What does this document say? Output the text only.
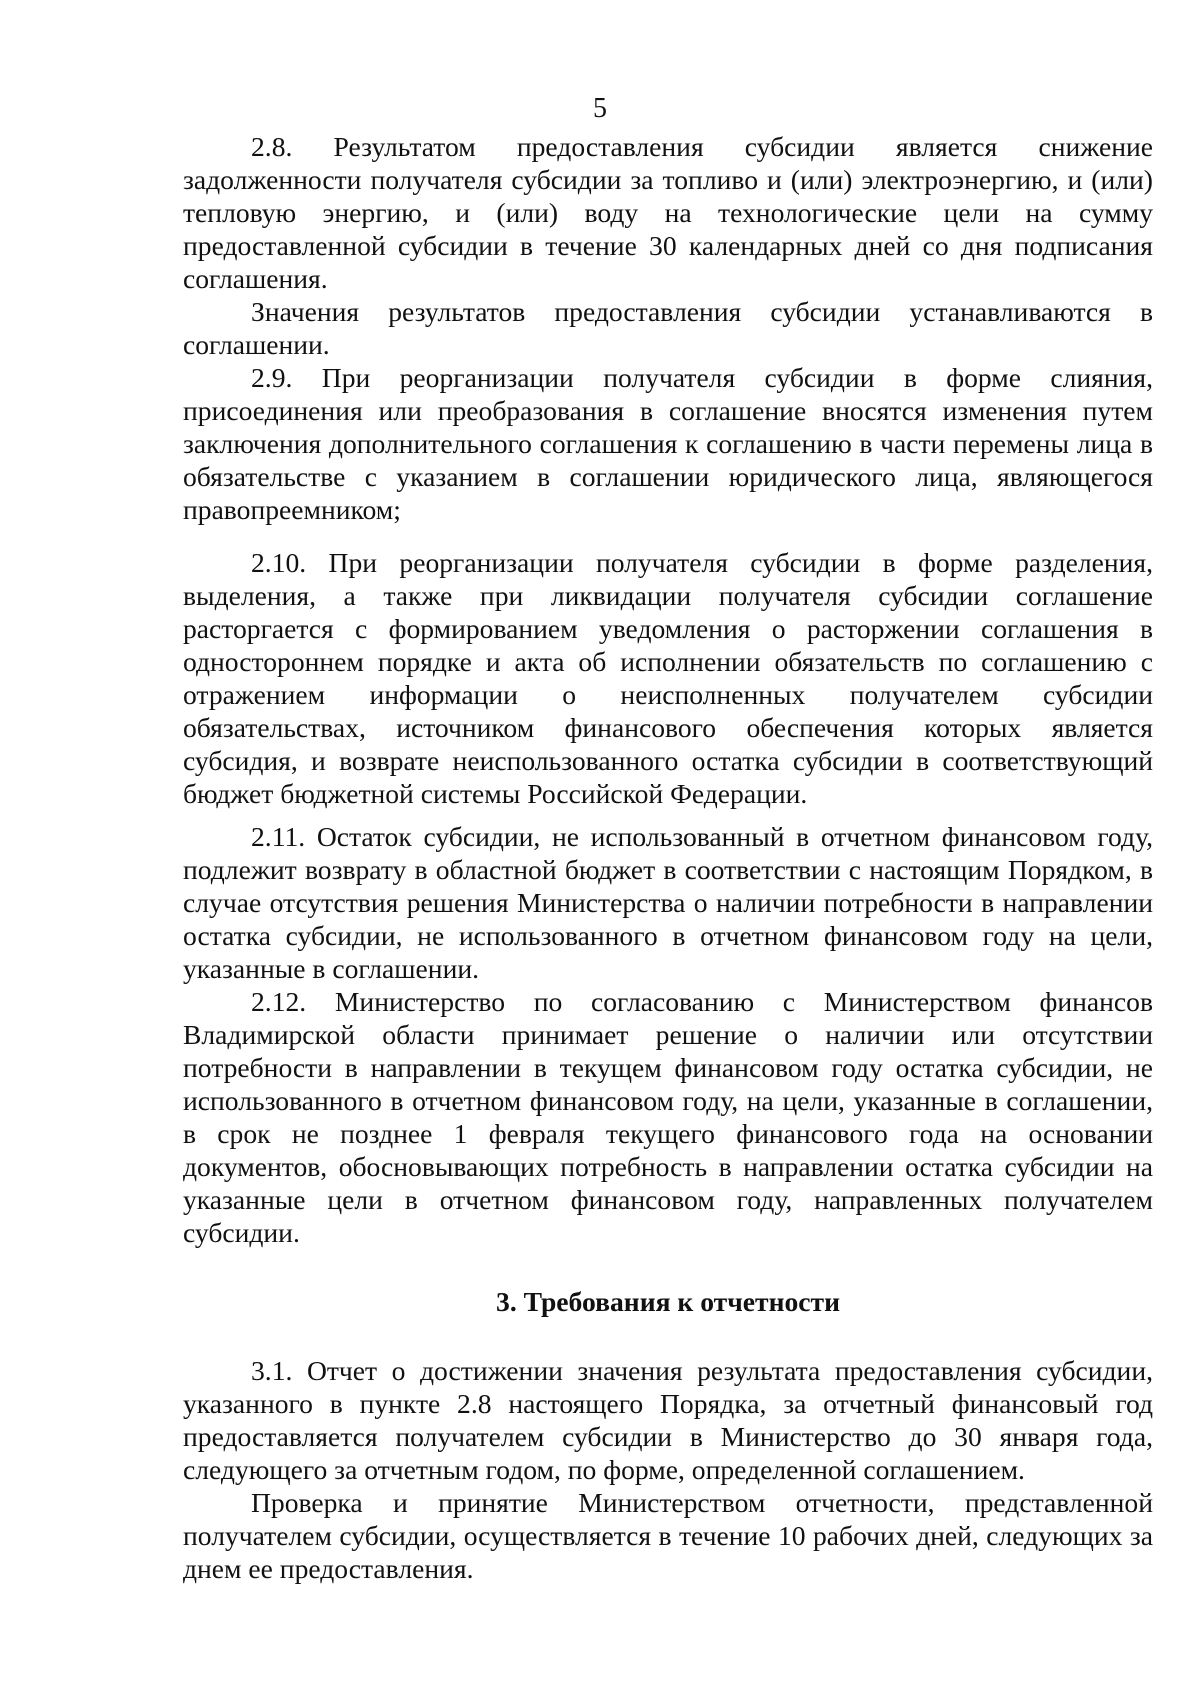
5

2.8. Результатом предоставления субсидии является снижение задолженности получателя субсидии за топливо и (или) электроэнергию, и (или) тепловую энергию, и (или) воду на технологические цели на сумму предоставленной субсидии в течение 30 календарных дней со дня подписания соглашения.

Значения результатов предоставления субсидии устанавливаются в соглашении.

2.9. При реорганизации получателя субсидии в форме слияния, присоединения или преобразования в соглашение вносятся изменения путем заключения дополнительного соглашения к соглашению в части перемены лица в обязательстве с указанием в соглашении юридического лица, являющегося правопреемником;

2.10. При реорганизации получателя субсидии в форме разделения, выделения, а также при ликвидации получателя субсидии соглашение расторгается с формированием уведомления о расторжении соглашения в одностороннем порядке и акта об исполнении обязательств по соглашению с отражением информации о неисполненных получателем субсидии обязательствах, источником финансового обеспечения которых является субсидия, и возврате неиспользованного остатка субсидии в соответствующий бюджет бюджетной системы Российской Федерации.

2.11. Остаток субсидии, не использованный в отчетном финансовом году, подлежит возврату в областной бюджет в соответствии с настоящим Порядком, в случае отсутствия решения Министерства о наличии потребности в направлении остатка субсидии, не использованного в отчетном финансовом году на цели, указанные в соглашении.

2.12. Министерство по согласованию с Министерством финансов Владимирской области принимает решение о наличии или отсутствии потребности в направлении в текущем финансовом году остатка субсидии, не использованного в отчетном финансовом году, на цели, указанные в соглашении, в срок не позднее 1 февраля текущего финансового года на основании документов, обосновывающих потребность в направлении остатка субсидии на указанные цели в отчетном финансовом году, направленных получателем субсидии.

3. Требования к отчетности

3.1. Отчет о достижении значения результата предоставления субсидии, указанного в пункте 2.8 настоящего Порядка, за отчетный финансовый год предоставляется получателем субсидии в Министерство до 30 января года, следующего за отчетным годом, по форме, определенной соглашением.

Проверка и принятие Министерством отчетности, представленной получателем субсидии, осуществляется в течение 10 рабочих дней, следующих за днем ее предоставления.
